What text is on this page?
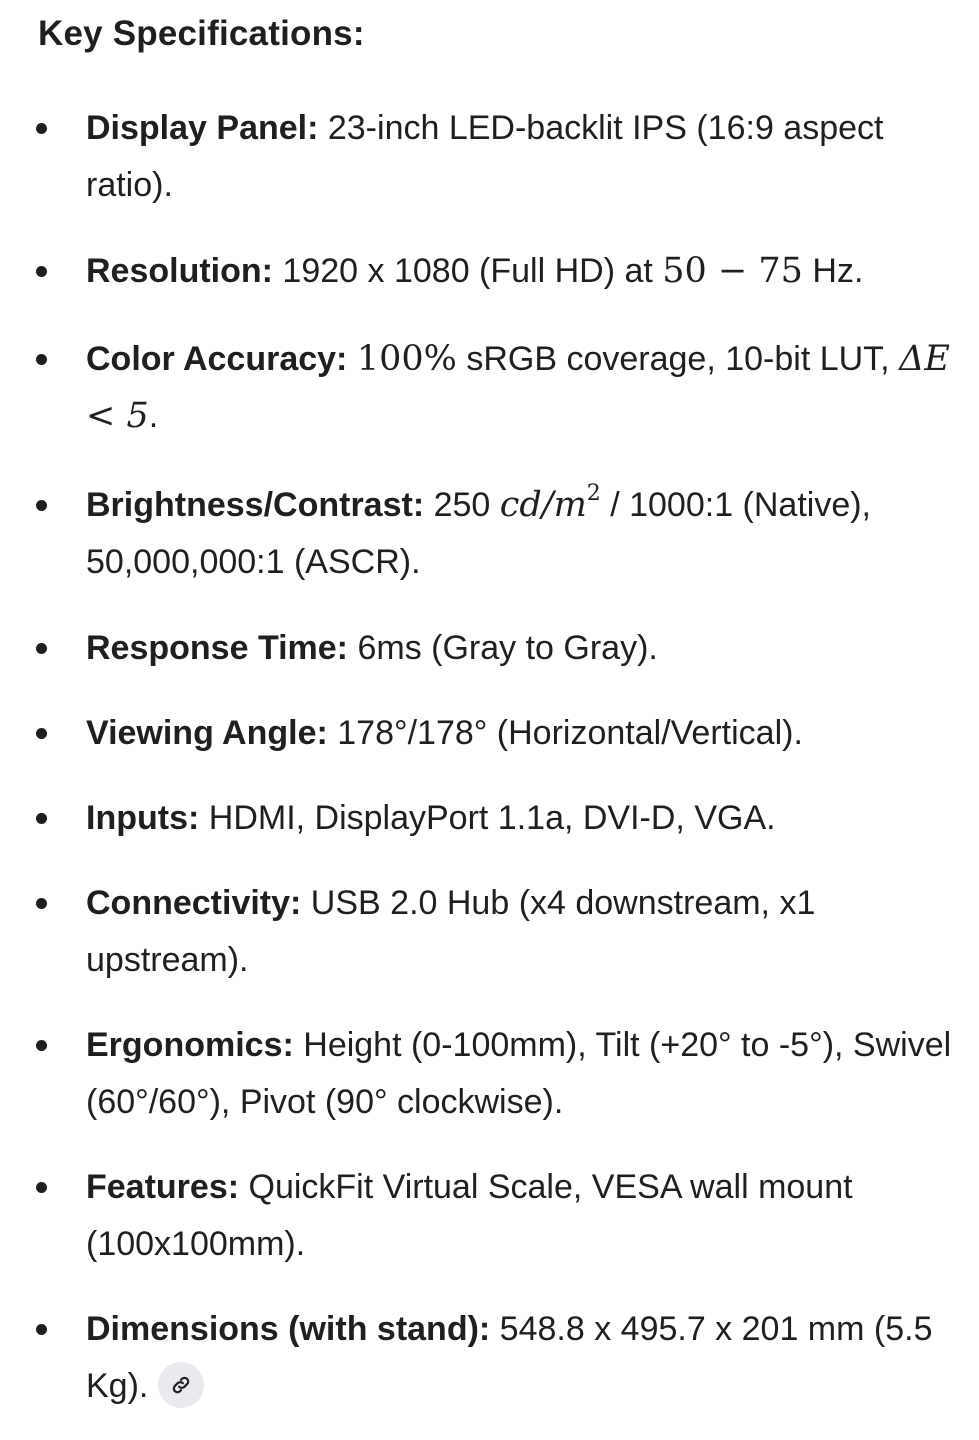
Key Specifications:
Display Panel: 23-inch LED-backlit IPS (16:9 aspect ratio).
Resolution: 1920 x 1080 (Full HD) at 50 − 75 Hz.
Color Accuracy: 100% sRGB coverage, 10-bit LUT, ΔE < 5.
Brightness/Contrast: 250 $cd/m^2$ / 1000:1 (Native), 50,000,000:1 (ASCR).
Response Time: 6ms (Gray to Gray).
Viewing Angle: 178°/178° (Horizontal/Vertical).
Inputs: HDMI, DisplayPort 1.1a, DVI-D, VGA.
Connectivity: USB 2.0 Hub (x4 downstream, x1 upstream).
Ergonomics: Height (0-100mm), Tilt (+20° to -5°), Swivel (60°/60°), Pivot (90° clockwise).
Features: QuickFit Virtual Scale, VESA wall mount (100x100mm).
Dimensions (with stand): 548.8 x 495.7 x 201 mm (5.5 Kg).
